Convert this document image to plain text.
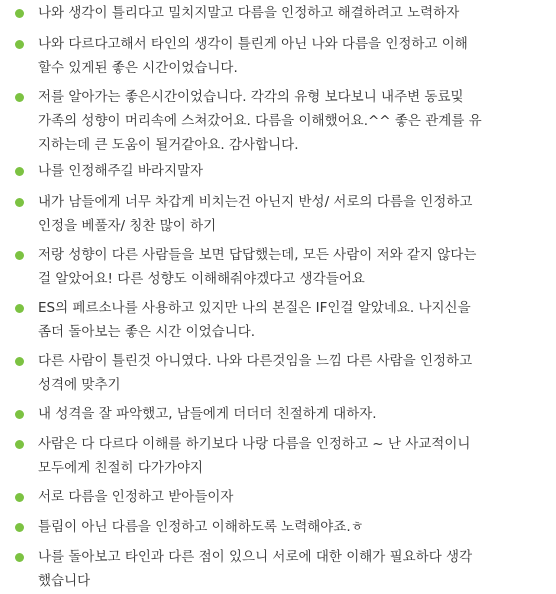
나와 생각이 틀리다고 밀치지말고 다름을 인정하고 해결하려고 노력하자
나와 다르다고해서 타인의 생각이 틀린게 아닌 나와 다름을 인정하고 이해
할수 있게된 좋은 시간이었습니다.
저를 알아가는 좋은시간이었습니다. 각각의 유형 보다보니 내주변 동료및
가족의 성향이 머리속에 스쳐갔어요. 다름을 이해했어요.^^ 좋은 관계를 유
지하는데 큰 도움이 될거같아요. 감사합니다.
나를 인정해주길 바라지말자
내가 남들에게 너무 차갑게 비치는건 아닌지 반성/ 서로의 다름을 인정하고
인정을 베풀자/ 칭찬 많이 하기
저랑 성향이 다른 사람들을 보면 답답했는데, 모든 사람이 저와 같지 않다는
걸 알았어요! 다른 성향도 이해해줘야겠다고 생각들어요
ES의 페르소나를 사용하고 있지만 나의 본질은 IF인걸 알았네요. 나지신을
좀더 돌아보는 좋은 시간 이었습니다.
다른 사람이 틀린것 아니였다. 나와 다른것임을 느낌 다른 사람을 인정하고
성격에 맞추기
내 성격을 잘 파악했고, 남들에게 더더더 친절하게 대하자.
사람은 다 다르다 이해를 하기보다 나랑 다름을 인정하고 ~ 난 사교적이니
모두에게 친절히 다가가야지
서로 다름을 인정하고 받아들이자
틀림이 아닌 다름을 인정하고 이해하도록 노력해야죠.ㅎ
나를 돌아보고 타인과 다른 점이 있으니 서로에 대한 이해가 필요하다 생각
했습니다
